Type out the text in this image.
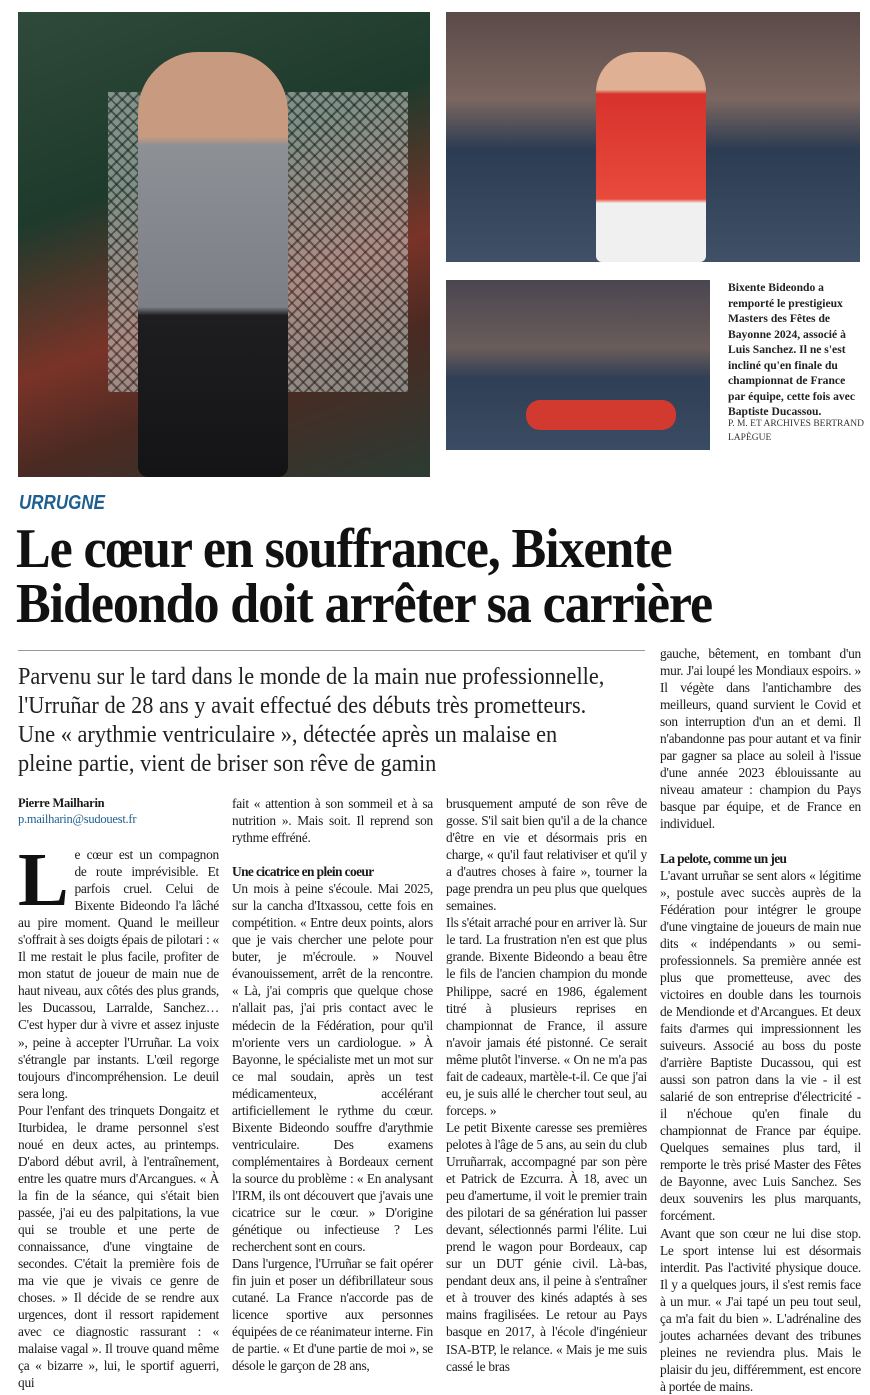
Bixente Bideondo a remporté le prestigieux Masters des Fêtes de Bayonne 2024, associé à Luis Sanchez. Il ne s'est incliné qu'en finale du championnat de France par équipe, cette fois avec Baptiste Ducassou.
P. M. ET ARCHIVES BERTRAND LAPÈGUE
URRUGNE
Le cœur en souffrance, Bixente
Bideondo doit arrêter sa carrière
Parvenu sur le tard dans le monde de la main nue professionnelle, l'Urruñar de 28 ans y avait effectué des débuts très prometteurs. Une « arythmie ventriculaire », détectée après un malaise en pleine partie, vient de briser son rêve de gamin

Pierre Mailharin

p.mailharin@sudouest.fr

Le cœur est un compagnon de route imprévisible. Et parfois cruel. Celui de Bixente Bideondo l'a lâché au pire moment. Quand le meilleur s'offrait à ses doigts épais de pilotari : « Il me restait le plus facile, profiter de mon statut de joueur de main nue de haut niveau, aux côtés des plus grands, les Ducassou, Larralde, Sanchez… C'est hyper dur à vivre et assez injuste », peine à accepter l'Urruñar. La voix s'étrangle par instants. L'œil regorge toujours d'incompréhension. Le deuil sera long.

Pour l'enfant des trinquets Dongaitz et Iturbidea, le drame personnel s'est noué en deux actes, au printemps. D'abord début avril, à l'entraînement, entre les quatre murs d'Arcangues. « À la fin de la séance, qui s'était bien passée, j'ai eu des palpitations, la vue qui se trouble et une perte de connaissance, d'une vingtaine de secondes. C'était la première fois de ma vie que je vivais ce genre de choses. » Il décide de se rendre aux urgences, dont il ressort rapidement avec ce diagnostic rassurant : « malaise vagal ». Il trouve quand même ça « bizarre », lui, le sportif aguerri, qui

fait « attention à son sommeil et à sa nutrition ». Mais soit. Il reprend son rythme effréné.

Une cicatrice en plein coeur

Un mois à peine s'écoule. Mai 2025, sur la cancha d'Itxassou, cette fois en compétition. « Entre deux points, alors que je vais chercher une pelote pour buter, je m'écroule. » Nouvel évanouissement, arrêt de la rencontre. « Là, j'ai compris que quelque chose n'allait pas, j'ai pris contact avec le médecin de la Fédération, pour qu'il m'oriente vers un cardiologue. » À Bayonne, le spécialiste met un mot sur ce mal soudain, après un test médicamenteux, accélérant artificiellement le rythme du cœur. Bixente Bideondo souffre d'arythmie ventriculaire. Des examens complémentaires à Bordeaux cernent la source du problème : « En analysant l'IRM, ils ont découvert que j'avais une cicatrice sur le cœur. » D'origine génétique ou infectieuse ? Les recherchent sont en cours.

Dans l'urgence, l'Urruñar se fait opérer fin juin et poser un défibrillateur sous cutané. La France n'accorde pas de licence sportive aux personnes équipées de ce réanimateur interne. Fin de partie. « Et d'une partie de moi », se désole le garçon de 28 ans,

brusquement amputé de son rêve de gosse. S'il sait bien qu'il a de la chance d'être en vie et désormais pris en charge, « qu'il faut relativiser et qu'il y a d'autres choses à faire », tourner la page prendra un peu plus que quelques semaines.

Ils s'était arraché pour en arriver là. Sur le tard. La frustration n'en est que plus grande. Bixente Bideondo a beau être le fils de l'ancien champion du monde Philippe, sacré en 1986, également titré à plusieurs reprises en championnat de France, il assure n'avoir jamais été pistonné. Ce serait même plutôt l'inverse. « On ne m'a pas fait de cadeaux, martèle-t-il. Ce que j'ai eu, je suis allé le chercher tout seul, au forceps. »

Le petit Bixente caresse ses premières pelotes à l'âge de 5 ans, au sein du club Urruñarrak, accompagné par son père et Patrick de Ezcurra. À 18, avec un peu d'amertume, il voit le premier train des pilotari de sa génération lui passer devant, sélectionnés parmi l'élite. Lui prend le wagon pour Bordeaux, cap sur un DUT génie civil. Là-bas, pendant deux ans, il peine à s'entraîner et à trouver des kinés adaptés à ses mains fragilisées. Le retour au Pays basque en 2017, à l'école d'ingénieur ISA-BTP, le relance. « Mais je me suis cassé le bras

gauche, bêtement, en tombant d'un mur. J'ai loupé les Mondiaux espoirs. » Il végète dans l'antichambre des meilleurs, quand survient le Covid et son interruption d'un an et demi. Il n'abandonne pas pour autant et va finir par gagner sa place au soleil à l'issue d'une année 2023 éblouissante au niveau amateur : champion du Pays basque par équipe, et de France en individuel.

La pelote, comme un jeu

L'avant urruñar se sent alors « légitime », postule avec succès auprès de la Fédération pour intégrer le groupe d'une vingtaine de joueurs de main nue dits « indépendants » ou semi-professionnels. Sa première année est plus que prometteuse, avec des victoires en double dans les tournois de Mendionde et d'Arcangues. Et deux faits d'armes qui impressionnent les suiveurs. Associé au boss du poste d'arrière Baptiste Ducassou, qui est aussi son patron dans la vie - il est salarié de son entreprise d'électricité - il n'échoue qu'en finale du championnat de France par équipe. Quelques semaines plus tard, il remporte le très prisé Master des Fêtes de Bayonne, avec Luis Sanchez. Ses deux souvenirs les plus marquants, forcément.

Avant que son cœur ne lui dise stop. Le sport intense lui est désormais interdit. Pas l'activité physique douce. Il y a quelques jours, il s'est remis face à un mur. « J'ai tapé un peu tout seul, ça m'a fait du bien ». L'adrénaline des joutes acharnées devant des tribunes pleines ne reviendra plus. Mais le plaisir du jeu, différemment, est encore à portée de mains.
